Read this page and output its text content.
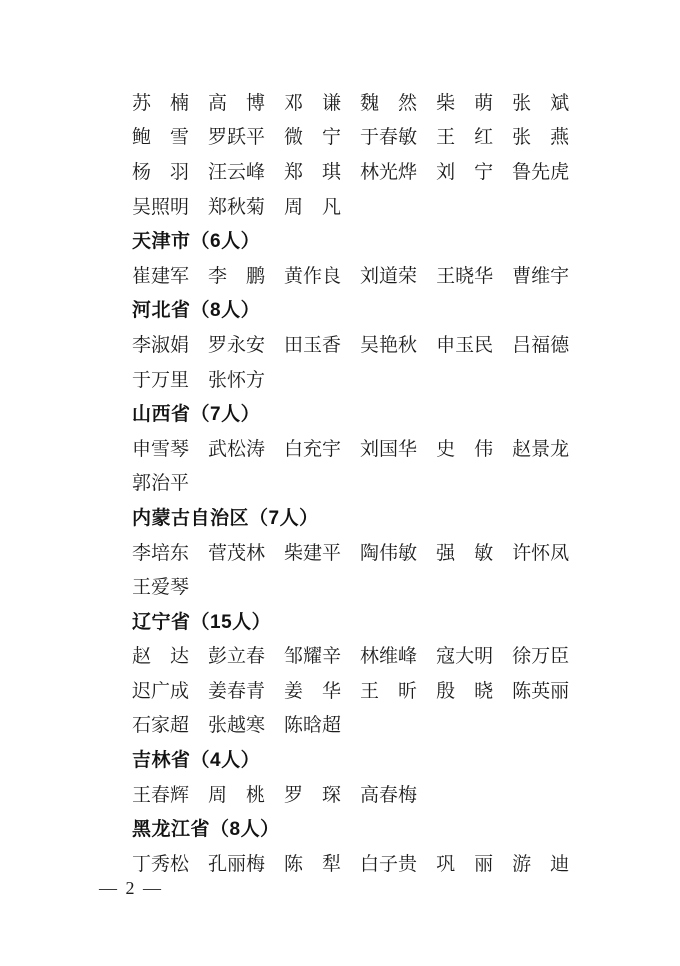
苏　楠 高　博 邓　谦 魏　然 柴　萌 张　斌
鲍　雪 罗跃平 微　宁 于春敏 王　红 张　燕
杨　羽 汪云峰 郑　琪 林光烨 刘　宁 鲁先虎
吴照明 郑秋菊 周　凡
天津市（6人）
崔建军 李　鹏 黄作良 刘道荣 王晓华 曹维宇
河北省（8人）
李淑娟 罗永安 田玉香 吴艳秋 申玉民 吕福德
于万里 张怀方
山西省（7人）
申雪琴 武松涛 白充宇 刘国华 史　伟 赵景龙
郭治平
内蒙古自治区（7人）
李培东 菅茂林 柴建平 陶伟敏 强　敏 许怀凤
王爱琴
辽宁省（15人）
赵　达 彭立春 邹耀辛 林维峰 寇大明 徐万臣
迟广成 姜春青 姜　华 王　昕 殷　晓 陈英丽
石家超 张越寒 陈晗超
吉林省（4人）
王春辉 周　桃 罗　琛 高春梅
黑龙江省（8人）
丁秀松 孔丽梅 陈　犁 白子贵 巩　丽 游　迪
— 2 —
